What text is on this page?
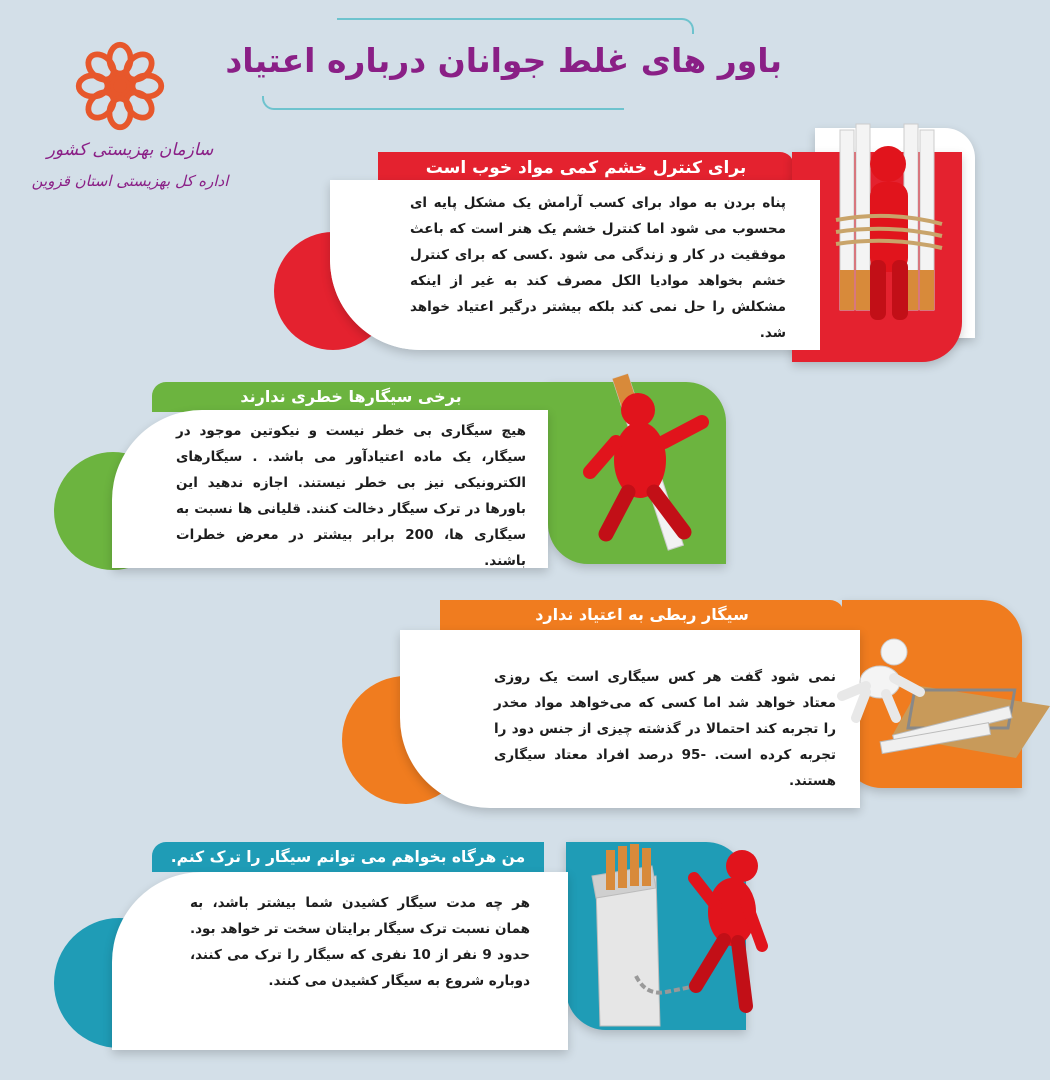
باور های غلط جوانان درباره اعتیاد
سازمان بهزیستی کشور
اداره کل بهزیستی استان قزوین
برای کنترل خشم کمی مواد خوب است
پناه بردن به مواد برای کسب آرامش یک مشکل پایه ای محسوب می شود اما کنترل خشم یک هنر است که باعث موفقیت در کار و زندگی می شود .کسی که برای کنترل خشم بخواهد موادیا الکل مصرف کند به غیر از اینکه مشکلش را حل نمی کند بلکه بیشتر درگیر اعتیاد خواهد شد.
برخی سیگارها خطری ندارند
هیچ سیگاری بی خطر نیست و نیکوتین موجود در سیگار، یک ماده اعتیادآور می باشد. . سیگارهای الکترونیکی نیز بی خطر نیستند. اجازه ندهید این باورها در ترک سیگار دخالت کنند. قلیانی ها نسبت به سیگاری ها، 200 برابر بیشتر در معرض خطرات باشند.
سیگار ربطی به اعتیاد ندارد
نمی شود گفت هر کس سیگاری است یک روزی معتاد خواهد شد اما کسی که می‌خواهد مواد مخدر را تجربه کند احتمالا در گذشته چیزی از جنس دود را تجربه کرده است. -95 درصد افراد معتاد سیگاری هستند.
من هرگاه بخواهم می توانم سیگار را ترک کنم.
هر چه مدت سیگار کشیدن شما بیشتر باشد، به همان نسبت ترک سیگار برایتان سخت تر خواهد بود. حدود 9 نفر از 10 نفری که سیگار را ترک می کنند، دوباره شروع به سیگار کشیدن می کنند.
